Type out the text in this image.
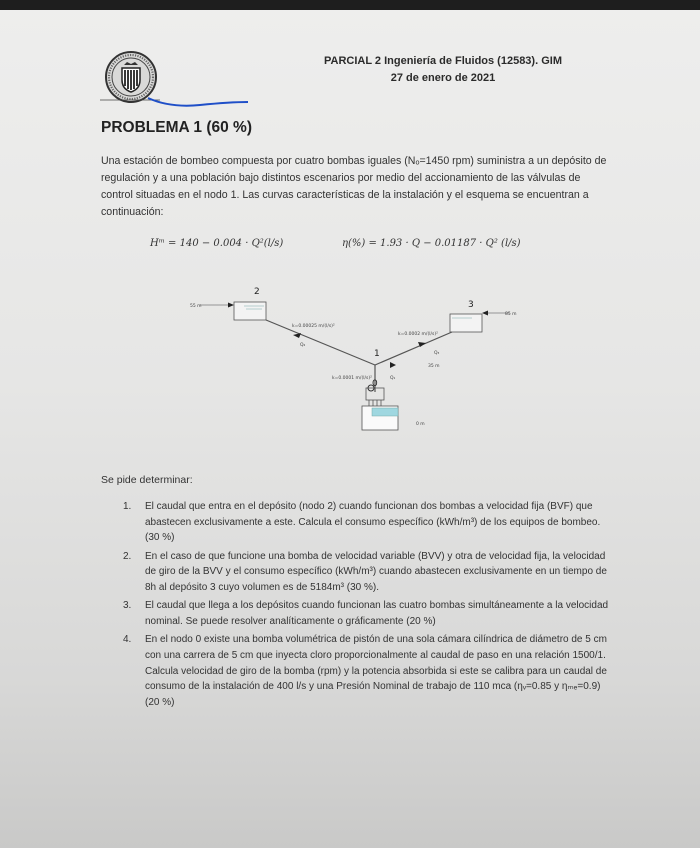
PARCIAL 2 Ingeniería de Fluidos (12583). GIM
27 de enero de 2021
PROBLEMA 1 (60 %)

Una estación de bombeo compuesta por cuatro bombas iguales (Nₒ=1450 rpm) suministra a un depósito de regulación y a una población bajo distintos escenarios por medio del accionamiento de las válvulas de control situadas en el nodo 1. Las curvas características de la instalación y el esquema se encuentran a continuación:

Hᵐ = 140 − 0.004 · Q²(l/s)	η(%) = 1.93 · Q − 0.01187 · Q² (l/s)
2
3
1
0
55 m
85 m
35 m
0 m
k=0.00025 m/(l/s)²
k=0.0002 m/(l/s)²
k=0.0001 m/(l/s)²
Q₂
Q₃
Q₁
Se pide determinar:
1. El caudal que entra en el depósito (nodo 2) cuando funcionan dos bombas a velocidad fija (BVF) que abastecen exclusivamente a este. Calcula el consumo específico (kWh/m³) de los equipos de bombeo. (30 %)
2. En el caso de que funcione una bomba de velocidad variable (BVV) y otra de velocidad fija, la velocidad de giro de la BVV y el consumo específico (kWh/m³) cuando abastecen exclusivamente en un tiempo de 8h al depósito 3 cuyo volumen es de 5184m³ (30 %).
3. El caudal que llega a los depósitos cuando funcionan las cuatro bombas simultáneamente a la velocidad nominal. Se puede resolver analíticamente o gráficamente (20 %)
4. En el nodo 0 existe una bomba volumétrica de pistón de una sola cámara cilíndrica de diámetro de 5 cm con una carrera de 5 cm que inyecta cloro proporcionalmente al caudal de paso en una relación 1500/1. Calcula velocidad de giro de la bomba (rpm) y la potencia absorbida si este se calibra para un caudal de consumo de la instalación de 400 l/s y una Presión Nominal de trabajo de 110 mca (ηᵥ=0.85 y ηₘₑ=0.9) (20 %)
